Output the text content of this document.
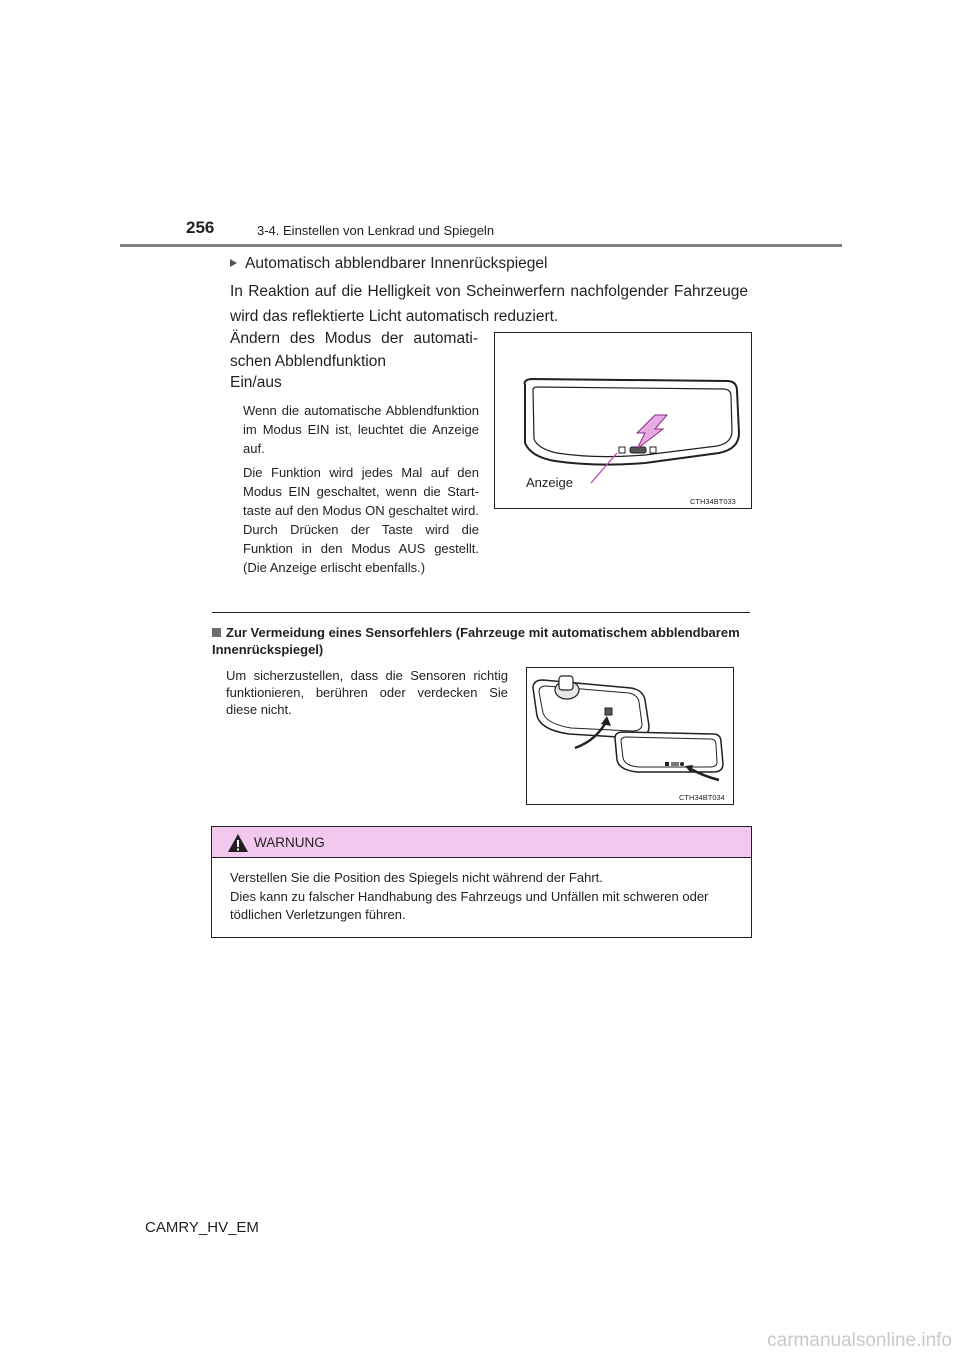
256	3-4. Einstellen von Lenkrad und Spiegeln
Automatisch abblendbarer Innenrückspiegel
In Reaktion auf die Helligkeit von Scheinwerfern nachfolgender Fahrzeuge wird das reflektierte Licht automatisch reduziert.
Ändern des Modus der automatischen Abblendfunktion
Ein/aus
Wenn die automatische Abblendfunktion im Modus EIN ist, leuchtet die Anzeige auf.
Die Funktion wird jedes Mal auf den Modus EIN geschaltet, wenn die Starttaste auf den Modus ON geschaltet wird. Durch Drücken der Taste wird die Funktion in den Modus AUS gestellt. (Die Anzeige erlischt ebenfalls.)
CTH34BT033
Anzeige
Zur Vermeidung eines Sensorfehlers (Fahrzeuge mit automatischem abblendbarem Innenrückspiegel)
Um sicherzustellen, dass die Sensoren richtig funktionieren, berühren oder verdecken Sie diese nicht.
CTH34BT034
WARNUNG
Verstellen Sie die Position des Spiegels nicht während der Fahrt.
Dies kann zu falscher Handhabung des Fahrzeugs und Unfällen mit schweren oder tödlichen Verletzungen führen.
CAMRY_HV_EM
carmanualsonline.info
